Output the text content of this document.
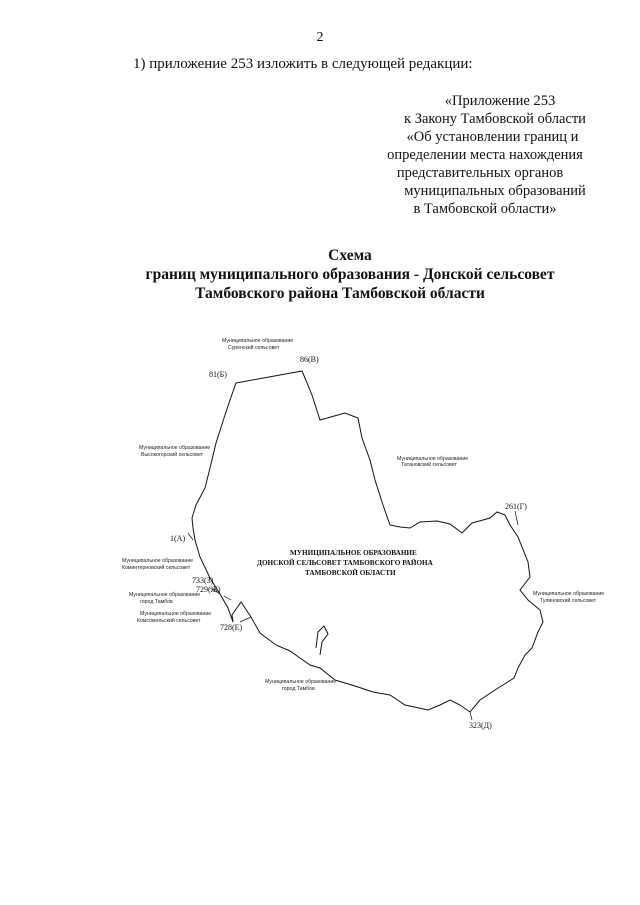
2
1) приложение 253 изложить в следующей редакции:
«Приложение 253
к Закону Тамбовской области
«Об установлении границ и
определении места нахождения
представительных органов
муниципальных образований
в Тамбовской области»
Схема
границ муниципального образования - Донской сельсовет
Тамбовского района Тамбовской области
81(Б)
86(В)
261(Г)
323(Д)
1(А)
733(З)
729(Ж)
728(Е)
Муниципальное образование
Суренский сельсовет
Муниципальное образование
Высокогорский сельсовет
Муниципальное образование
Татановский сельсовет
Муниципальное образование
Коминтерновский сельсовет
Муниципальное образование
город Тамбов
Муниципальное образование
Комсомольский сельсовет
Муниципальное образование
город Тамбов
Муниципальное образование
Тулиновский сельсовет
МУНИЦИПАЛЬНОЕ ОБРАЗОВАНИЕ
ДОНСКОЙ СЕЛЬСОВЕТ ТАМБОВСКОГО РАЙОНА
ТАМБОВСКОЙ ОБЛАСТИ
